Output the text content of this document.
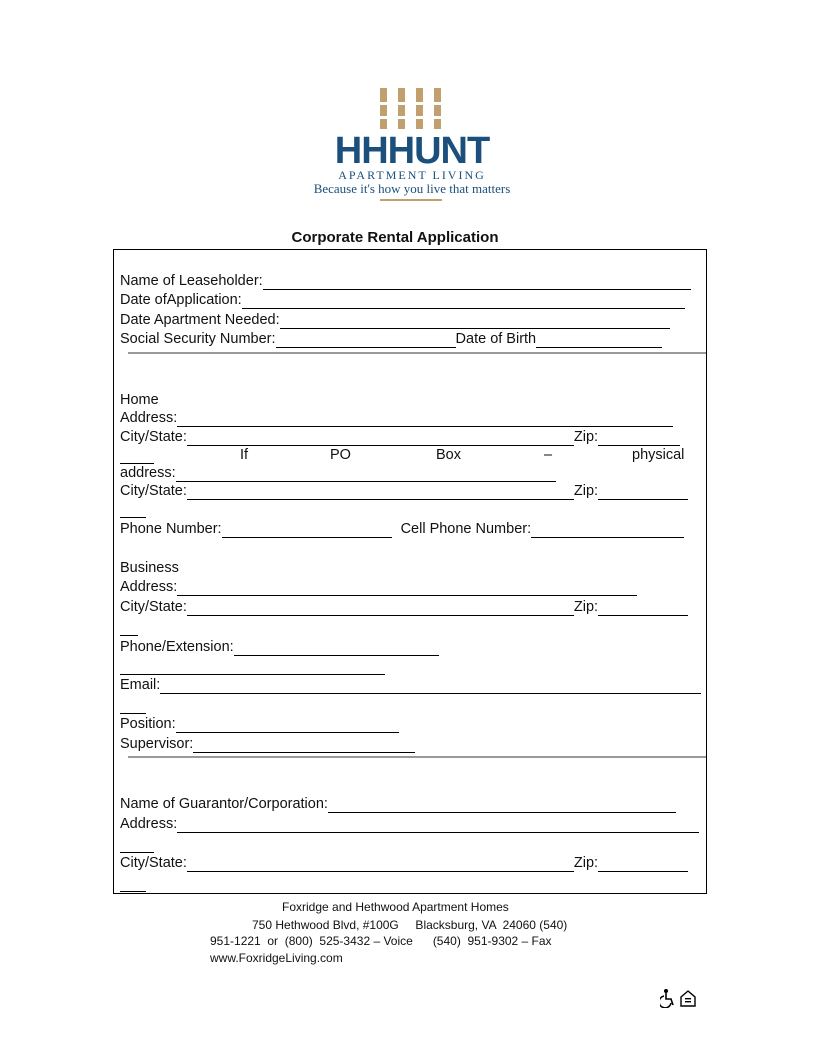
HHHUNT
APARTMENT LIVING
Because it's how you live that matters
Corporate Rental Application
Name of Leaseholder:
Date ofApplication:
Date Apartment Needed:
Social Security Number:	Date of Birth
Home
Address:
City/State:	Zip:
If	PO	Box	–	physical
address:
City/State:	Zip:
Phone Number:	Cell Phone Number:
Business
Address:
City/State:	Zip:
Phone/Extension:
Email:
Position:
Supervisor:
Name of Guarantor/Corporation:
Address:
City/State:	Zip:
Foxridge and Hethwood Apartment Homes
750 Hethwood Blvd, #100G     Blacksburg, VA  24060 (540)
951-1221  or  (800)  525-3432 – Voice      (540)  951-9302 – Fax
www.FoxridgeLiving.com
